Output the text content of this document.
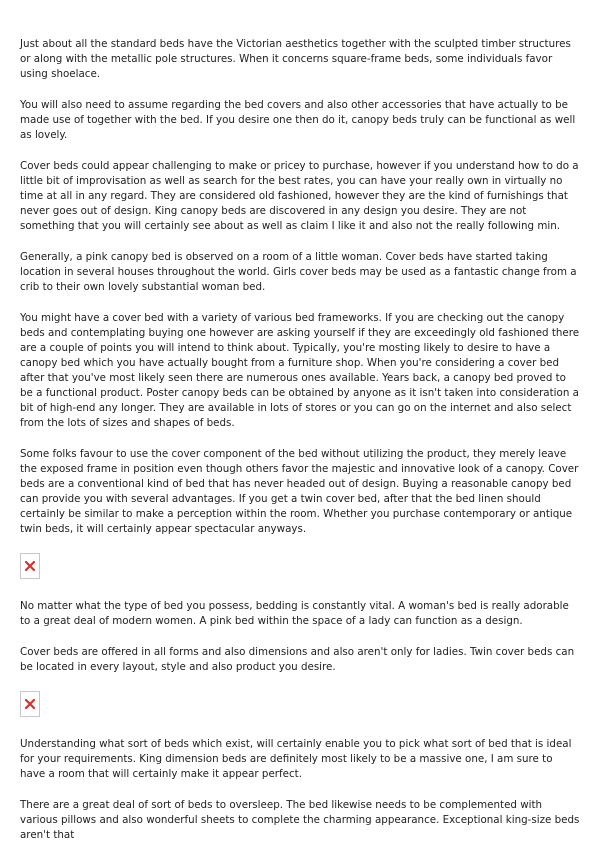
Just about all the standard beds have the Victorian aesthetics together with the sculpted timber structures or along with the metallic pole structures. When it concerns square-frame beds, some individuals favor using shoelace.

You will also need to assume regarding the bed covers and also other accessories that have actually to be made use of together with the bed. If you desire one then do it, canopy beds truly can be functional as well as lovely.

Cover beds could appear challenging to make or pricey to purchase, however if you understand how to do a little bit of improvisation as well as search for the best rates, you can have your really own in virtually no time at all in any regard. They are considered old fashioned, however they are the kind of furnishings that never goes out of design. King canopy beds are discovered in any design you desire. They are not something that you will certainly see about as well as claim I like it and also not the really following min.

Generally, a pink canopy bed is observed on a room of a little woman. Cover beds have started taking location in several houses throughout the world. Girls cover beds may be used as a fantastic change from a crib to their own lovely substantial woman bed.

You might have a cover bed with a variety of various bed frameworks. If you are checking out the canopy beds and contemplating buying one however are asking yourself if they are exceedingly old fashioned there are a couple of points you will intend to think about. Typically, you're mosting likely to desire to have a canopy bed which you have actually bought from a furniture shop. When you're considering a cover bed after that you've most likely seen there are numerous ones available. Years back, a canopy bed proved to be a functional product. Poster canopy beds can be obtained by anyone as it isn't taken into consideration a bit of high-end any longer. They are available in lots of stores or you can go on the internet and also select from the lots of sizes and shapes of beds.

Some folks favour to use the cover component of the bed without utilizing the product, they merely leave the exposed frame in position even though others favor the majestic and innovative look of a canopy. Cover beds are a conventional kind of bed that has never headed out of design. Buying a reasonable canopy bed can provide you with several advantages. If you get a twin cover bed, after that the bed linen should certainly be similar to make a perception within the room. Whether you purchase contemporary or antique twin beds, it will certainly appear spectacular anyways.

No matter what the type of bed you possess, bedding is constantly vital. A woman's bed is really adorable to a great deal of modern women. A pink bed within the space of a lady can function as a design.

Cover beds are offered in all forms and also dimensions and also aren't only for ladies. Twin cover beds can be located in every layout, style and also product you desire.

Understanding what sort of beds which exist, will certainly enable you to pick what sort of bed that is ideal for your requirements. King dimension beds are definitely most likely to be a massive one, I am sure to have a room that will certainly make it appear perfect.

There are a great deal of sort of beds to oversleep. The bed likewise needs to be complemented with various pillows and also wonderful sheets to complete the charming appearance. Exceptional king-size beds aren't that
